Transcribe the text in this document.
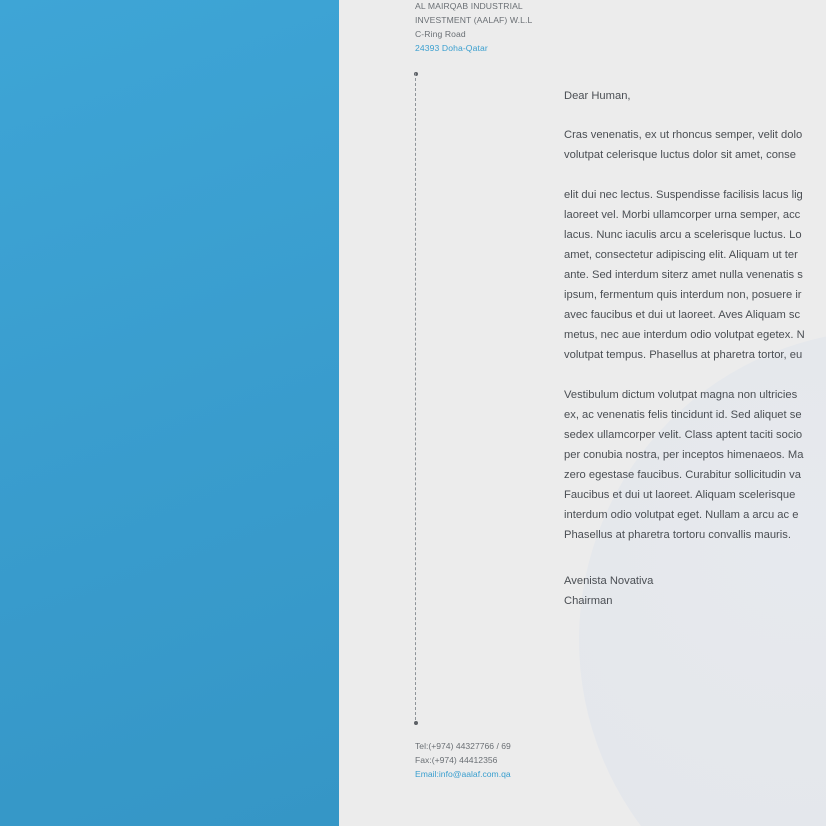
AL MAIRQAB INDUSTRIAL
INVESTMENT (AALAF) W.L.L
C-Ring Road
24393 Doha-Qatar
Tel:(+974) 44327766 / 69
Fax:(+974) 44412356
Email:info@aalaf.com.qa
Dear Human,
Cras venenatis, ex ut rhoncus semper, velit dolo
volutpat celerisque luctus dolor sit amet, conse
elit dui nec lectus. Suspendisse facilisis lacus lig
laoreet vel. Morbi ullamcorper urna semper, acc
lacus. Nunc iaculis arcu a scelerisque luctus. Lo
amet, consectetur adipiscing elit. Aliquam ut ter
ante. Sed interdum siterz amet nulla venenatis s
ipsum, fermentum quis interdum non, posuere ir
avec faucibus et dui ut laoreet. Aves Aliquam sc
metus, nec aue interdum odio volutpat egetex. N
volutpat tempus. Phasellus at pharetra tortor, eu
Vestibulum dictum volutpat magna non ultricies
ex, ac venenatis felis tincidunt id. Sed aliquet se
sedex ullamcorper velit. Class aptent taciti socio
per conubia nostra, per inceptos himenaeos. Ma
zero egestase faucibus. Curabitur sollicitudin va
Faucibus et dui ut laoreet. Aliquam scelerisque
interdum odio volutpat eget. Nullam a arcu ac e
Phasellus at pharetra tortoru convallis mauris.
Avenista Novativa
Chairman
